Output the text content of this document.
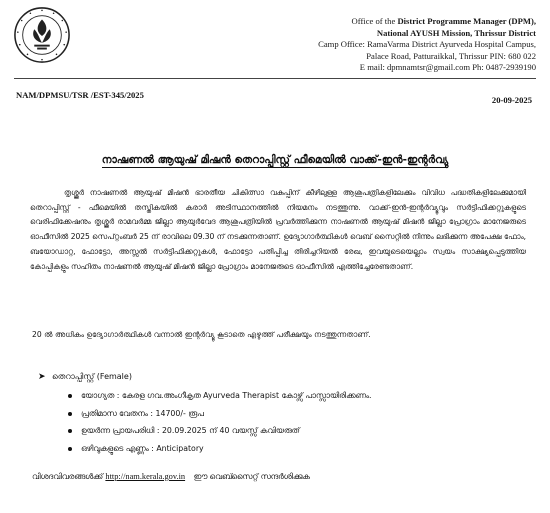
Office of the District Programme Manager (DPM),
National AYUSH Mission, Thrissur District
Camp Office: RamaVarma District Ayurveda Hospital Campus,
Palace Road, Patturaikkal, Thrissur PIN: 680 022
E mail: dpmnamtsr@gmail.com Ph: 0487-2939190
NAM/DPMSU/TSR /EST-345/2025	20-09-2025
നാഷണൽ ആയുഷ് മിഷൻ തെറാപ്പിസ്റ്റ് ഫീമെയിൽ വാക്ക്-ഇൻ-ഇന്റർവ്യു
തൃശ്ശൂർ നാഷണൽ ആയുഷ് മിഷൻ ഭാരതീയ ചികിത്സാ വകുപ്പിന് കീഴിലുള്ള ആശുപത്രികളിലേക്കും വിവിധ പദ്ധതികളിലേക്കുമായി തെറാപ്പിസ്റ്റ് - ഫീമെയിൽ തസ്തികയിൽ കരാർ അടിസ്ഥാനത്തിൽ നിയമനം നടത്തുന്നു. വാക്ക്-ഇൻ-ഇന്റർവ്യൂവും സർട്ടിഫിക്കറ്റുകളുടെ വെരിഫിക്കേഷനും തൃശ്ശൂർ രാമവർമ്മ ജില്ലാ ആയുർവേദ ആശുപത്രിയിൽ പ്രവർത്തിക്കുന്ന നാഷണൽ ആയുഷ് മിഷൻ ജില്ലാ പ്രോഗ്രാം മാനേജരുടെ ഓഫീസിൽ 2025 സെപ്റ്റംബർ 25 ന് രാവിലെ 09.30 ന് നടക്കുന്നതാണ്. ഉദ്യോഗാർത്ഥികൾ വെബ് സൈറ്റിൽ നിന്നും ലഭിക്കുന്ന അപേക്ഷ ഫോം, ബയോഡാറ്റ, ഫോട്ടോ, അസ്സൽ സർട്ടിഫിക്കറ്റുകൾ, ഫോട്ടോ പതിപ്പിച്ച തിരിച്ചറിയൽ രേഖ, ഇവയുടെയെല്ലാം സ്വയം സാക്ഷ്യപ്പെടുത്തിയ കോപ്പികളും സഹിതം നാഷണൽ ആയുഷ് മിഷൻ ജില്ലാ പ്രോഗ്രാം മാനേജരുടെ ഓഫീസിൽ എത്തിച്ചേരേണ്ടതാണ്.
20 ൽ അധികം ഉദ്യോഗാർത്ഥികൾ വന്നാൽ ഇന്റർവ്യൂ കൂടാതെ എഴുത്ത് പരീക്ഷയും നടത്തുന്നതാണ്.
➤ തെറാപ്പിസ്റ്റ് (Female)
യോഗ്യത : കേരള ഗവ.അംഗീകൃത Ayurveda Therapist കോഴ്സ് പാസ്സായിരിക്കണം.
പ്രതിമാസ വേതനം : 14700/- രൂപ
ഉയർന്ന പ്രായപരിധി : 20.09.2025 ന് 40 വയസ്സ് കവിയരുത്
ഒഴിവുകളുടെ എണ്ണം : Anticipatory
വിശദവിവരങ്ങൾക്ക് http://nam.kerala.gov.in ഈ വെബ്സൈറ്റ് സന്ദർശിക്കുക
